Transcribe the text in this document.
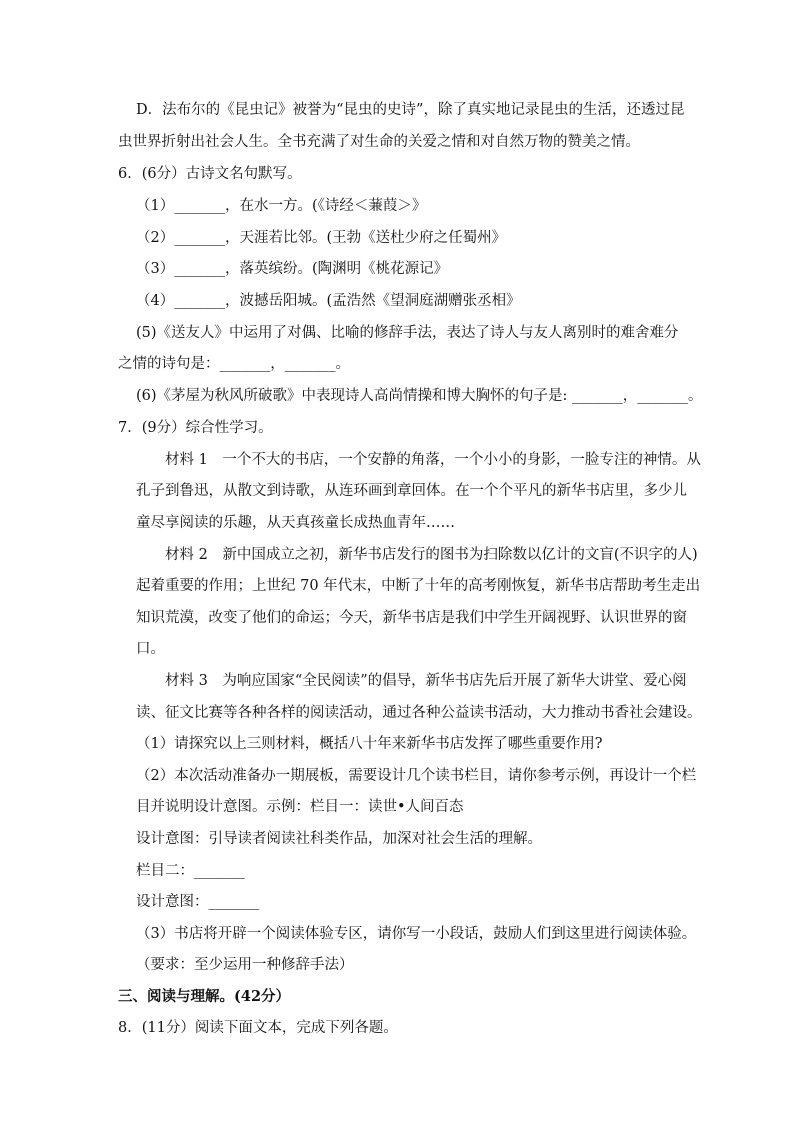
D．法布尔的《昆虫记》被誉为“昆虫的史诗”，除了真实地记录昆虫的生活，还透过昆
虫世界折射出社会人生。全书充满了对生命的关爱之情和对自然万物的赞美之情。
6．(6分）古诗文名句默写。
（1）_______，在水一方。(《诗经＜蒹葭＞》
（2）_______，天涯若比邻。(王勃《送杜少府之任蜀州》
（3）_______，落英缤纷。(陶渊明《桃花源记》
（4）_______，波撼岳阳城。(孟浩然《望洞庭湖赠张丞相》
(5)《送友人》中运用了对偶、比喻的修辞手法，表达了诗人与友人离别时的难舍难分
之情的诗句是：_______，_______。
(6)《茅屋为秋风所破歌》中表现诗人高尚情操和博大胸怀的句子是: _______，_______。
7．(9分）综合性学习。
材料 1　一个不大的书店，一个安静的角落，一个小小的身影，一脸专注的神情。从
孔子到鲁迅，从散文到诗歌，从连环画到章回体。在一个个平凡的新华书店里，多少儿
童尽享阅读的乐趣，从天真孩童长成热血青年……
材料 2　新中国成立之初，新华书店发行的图书为扫除数以亿计的文盲(不识字的人)
起着重要的作用；上世纪 70 年代末，中断了十年的高考刚恢复，新华书店帮助考生走出
知识荒漠，改变了他们的命运；今天，新华书店是我们中学生开阔视野、认识世界的窗
口。
材料 3　为响应国家“全民阅读”的倡导，新华书店先后开展了新华大讲堂、爱心阅
读、征文比赛等各种各样的阅读活动，通过各种公益读书活动，大力推动书香社会建设。
（1）请探究以上三则材料，概括八十年来新华书店发挥了哪些重要作用?
（2）本次活动准备办一期展板，需要设计几个读书栏目，请你参考示例，再设计一个栏
目并说明设计意图。示例：栏目一：读世•人间百态
设计意图：引导读者阅读社科类作品，加深对社会生活的理解。
栏目二：_______
设计意图：_______
（3）书店将开辟一个阅读体验专区，请你写一小段话，鼓励人们到这里进行阅读体验。
（要求：至少运用一种修辞手法）
三、阅读与理解。(42分）
8．(11分）阅读下面文本，完成下列各题。
